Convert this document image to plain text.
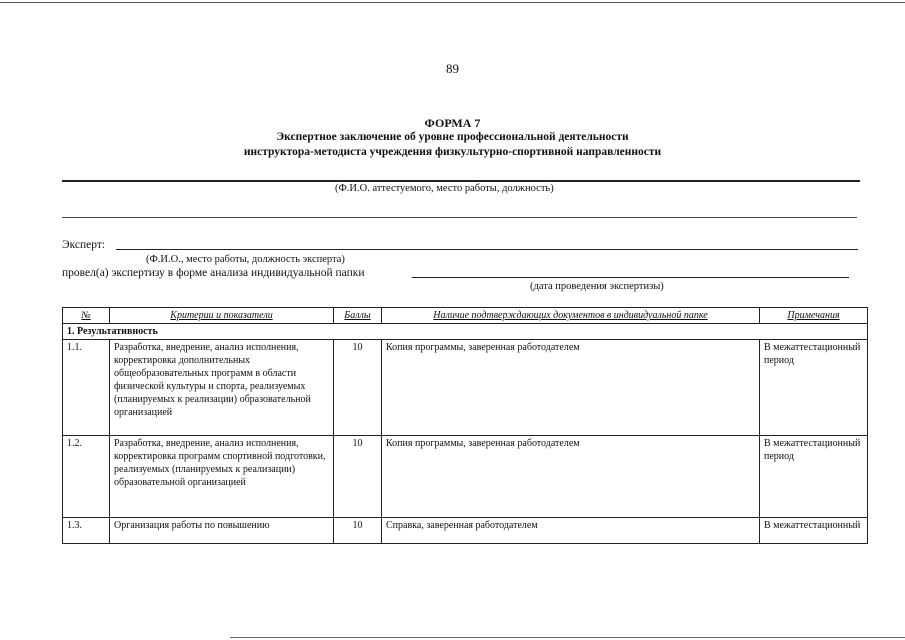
89
ФОРМА 7
Экспертное заключение об уровне профессиональной деятельности
инструктора-методиста учреждения физкультурно-спортивной направленности
(Ф.И.О. аттестуемого, место работы, должность)
Эксперт:
(Ф.И.О., место работы, должность эксперта)
провел(а) экспертизу в форме анализа индивидуальной папки
(дата проведения экспертизы)
№	Критерии и показатели	Баллы	Наличие подтверждающих документов в индивидуальной папке	Примечания
1. Результативность				
1.1.	Разработка, внедрение, анализ исполнения, корректировка дополнительных общеобразовательных программ в области физической культуры и спорта, реализуемых (планируемых к реализации) образовательной организацией	10	Копия программы, заверенная работодателем	В межаттестационный период
1.2.	Разработка, внедрение, анализ исполнения, корректировка программ спортивной подготовки, реализуемых (планируемых к реализации) образовательной организацией	10	Копия программы, заверенная работодателем	В межаттестационный период
1.3.	Организация работы по повышению	10	Справка, заверенная работодателем	В межаттестационный
